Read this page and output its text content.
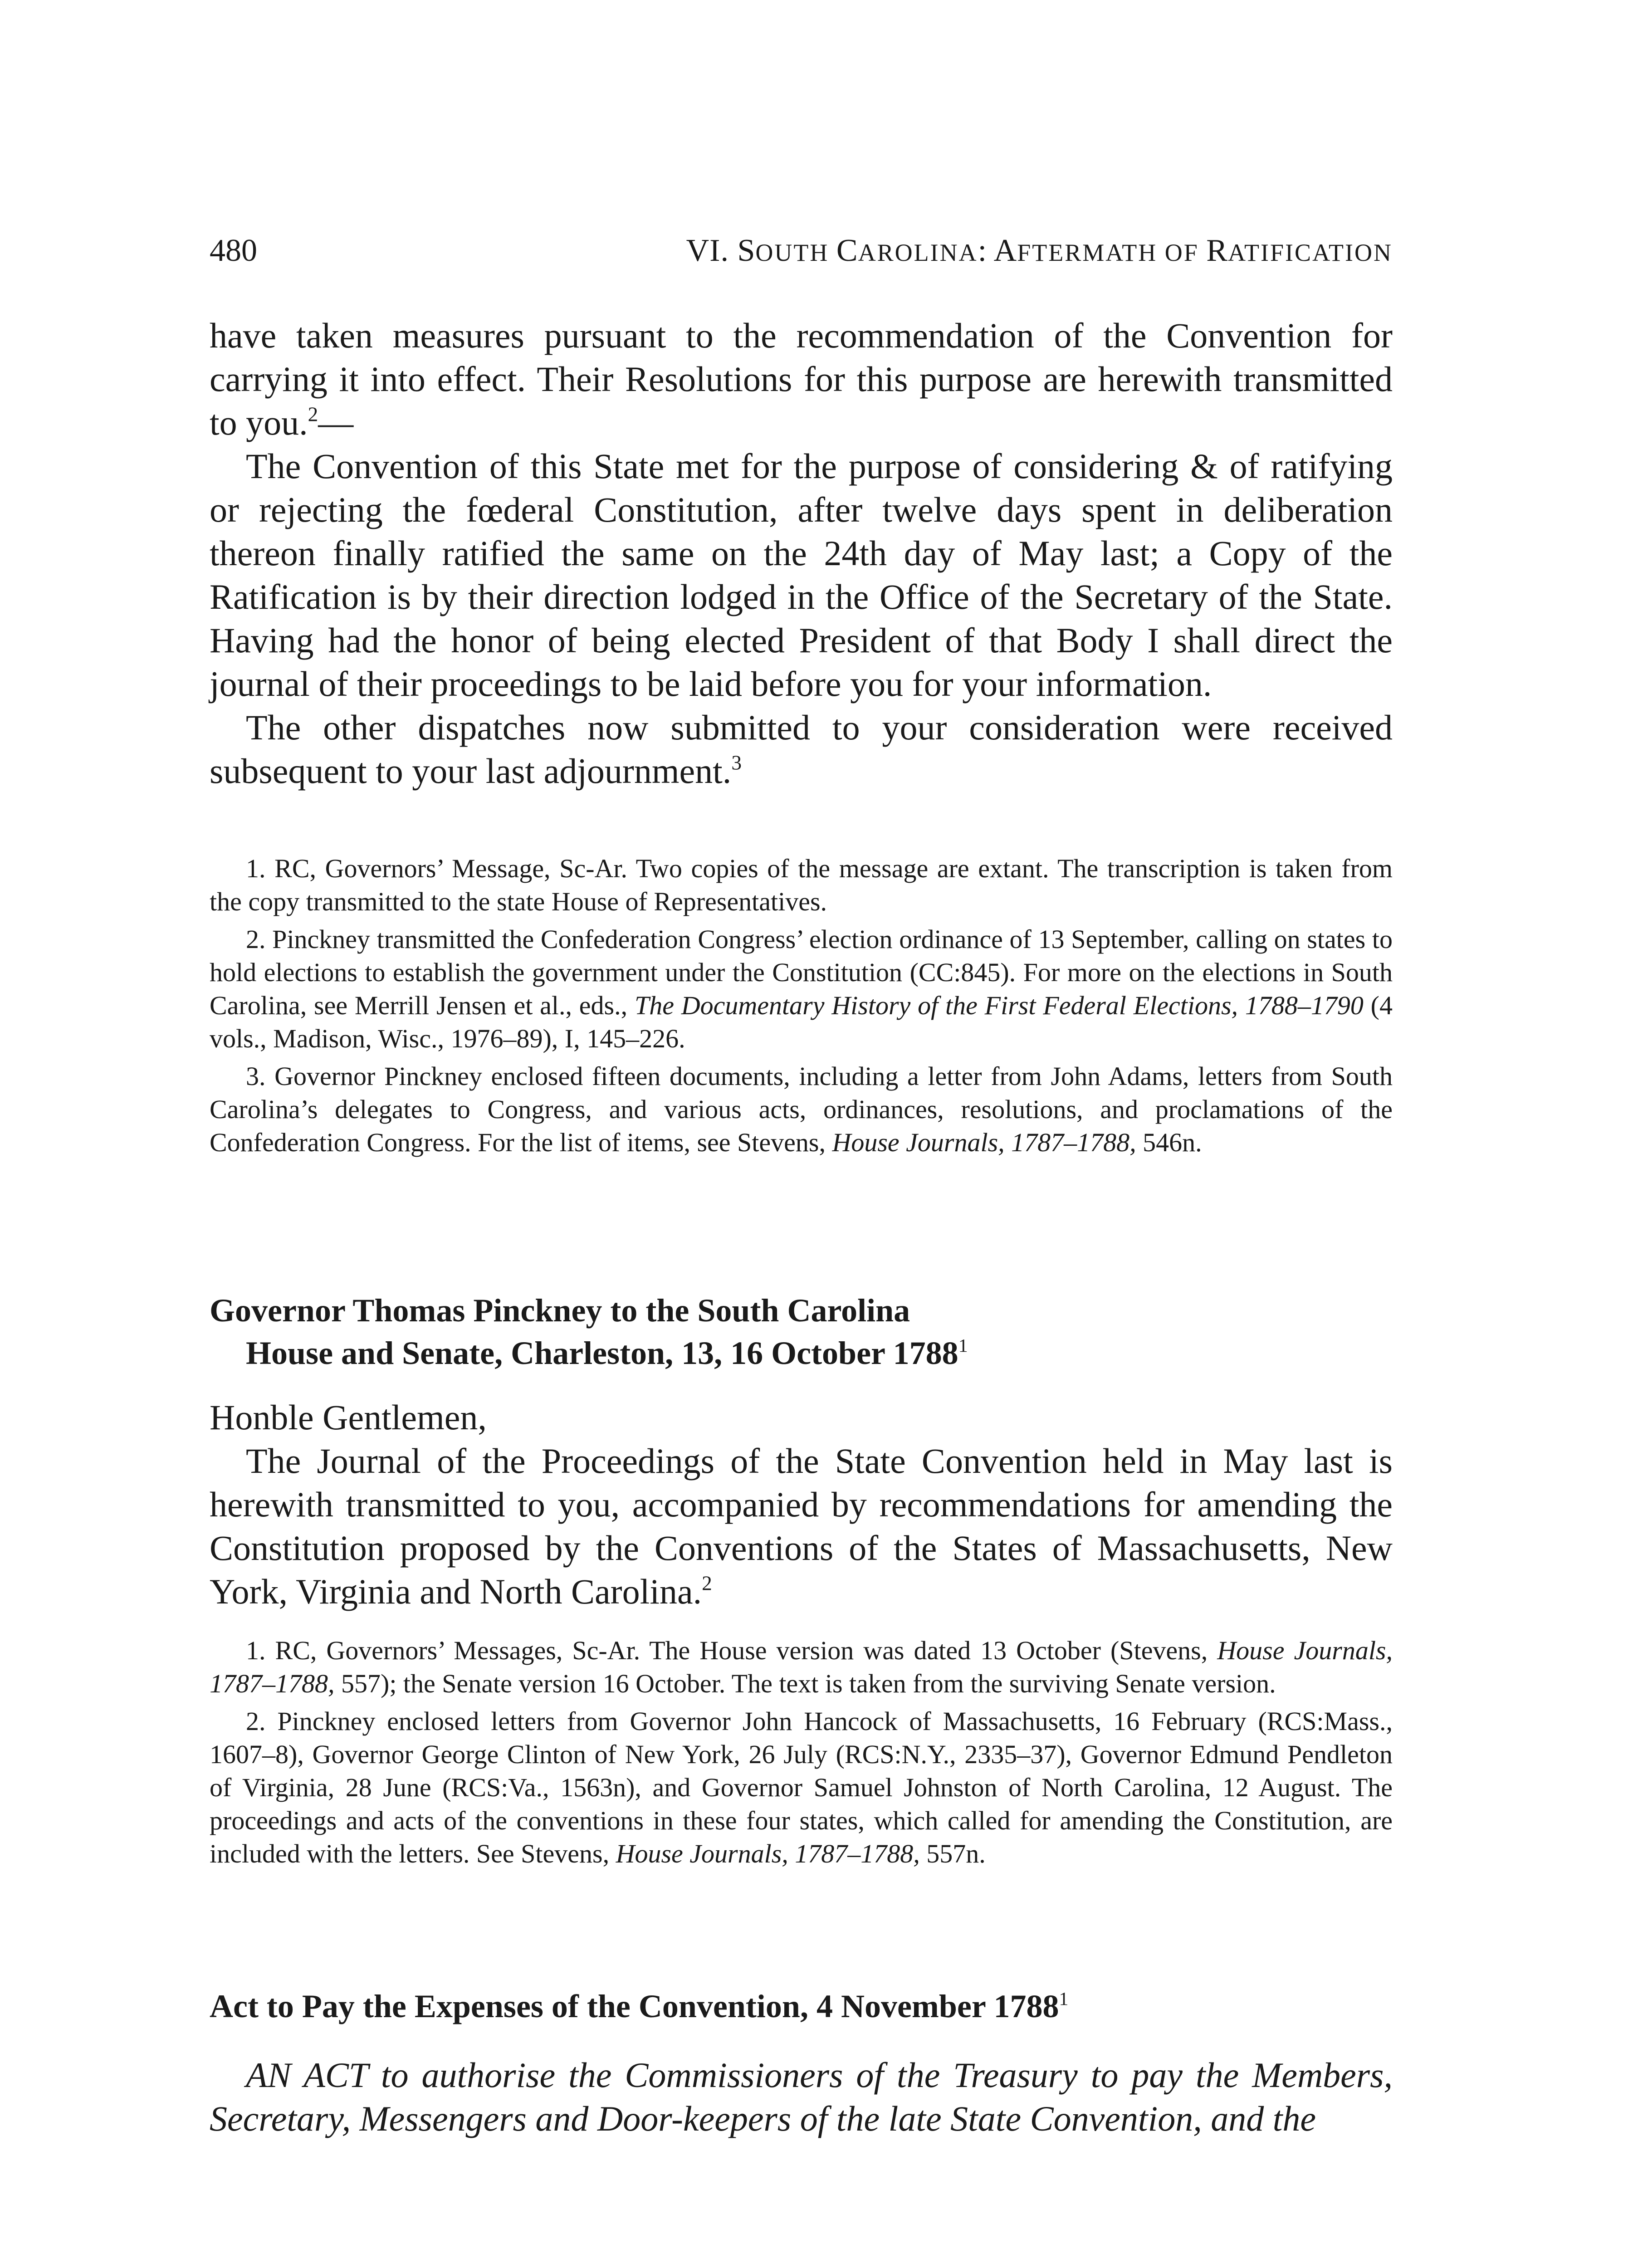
480	VI. SOUTH CAROLINA: AFTERMATH OF RATIFICATION

have taken measures pursuant to the recommendation of the Convention for carrying it into effect. Their Resolutions for this purpose are herewith transmitted to you.$^2$—

The Convention of this State met for the purpose of considering & of ratifying or rejecting the fœderal Constitution, after twelve days spent in deliberation thereon finally ratified the same on the 24th day of May last; a Copy of the Ratification is by their direction lodged in the Office of the Secretary of the State. Having had the honor of being elected President of that Body I shall direct the journal of their proceedings to be laid before you for your information.

The other dispatches now submitted to your consideration were received subsequent to your last adjournment.$^3$

1. RC, Governors’ Message, Sc-Ar. Two copies of the message are extant. The transcription is taken from the copy transmitted to the state House of Representatives.

2. Pinckney transmitted the Confederation Congress’ election ordinance of 13 September, calling on states to hold elections to establish the government under the Constitution (CC:845). For more on the elections in South Carolina, see Merrill Jensen et al., eds., The Documentary History of the First Federal Elections, 1788–1790 (4 vols., Madison, Wisc., 1976–89), I, 145–226.

3. Governor Pinckney enclosed fifteen documents, including a letter from John Adams, letters from South Carolina’s delegates to Congress, and various acts, ordinances, resolutions, and proclamations of the Confederation Congress. For the list of items, see Stevens, House Journals, 1787–1788, 546n.

Governor Thomas Pinckney to the South Carolina
House and Senate, Charleston, 13, 16 October 1788$^1$

Honble Gentlemen,

The Journal of the Proceedings of the State Convention held in May last is herewith transmitted to you, accompanied by recommendations for amending the Constitution proposed by the Conventions of the States of Massachusetts, New York, Virginia and North Carolina.$^2$

1. RC, Governors’ Messages, Sc-Ar. The House version was dated 13 October (Stevens, House Journals, 1787–1788, 557); the Senate version 16 October. The text is taken from the surviving Senate version.

2. Pinckney enclosed letters from Governor John Hancock of Massachusetts, 16 February (RCS:Mass., 1607–8), Governor George Clinton of New York, 26 July (RCS:N.Y., 2335–37), Governor Edmund Pendleton of Virginia, 28 June (RCS:Va., 1563n), and Governor Samuel Johnston of North Carolina, 12 August. The proceedings and acts of the conventions in these four states, which called for amending the Constitution, are included with the letters. See Stevens, House Journals, 1787–1788, 557n.

Act to Pay the Expenses of the Convention, 4 November 1788$^1$

AN ACT to authorise the Commissioners of the Treasury to pay the Members, Secretary, Messengers and Door-keepers of the late State Convention, and the
